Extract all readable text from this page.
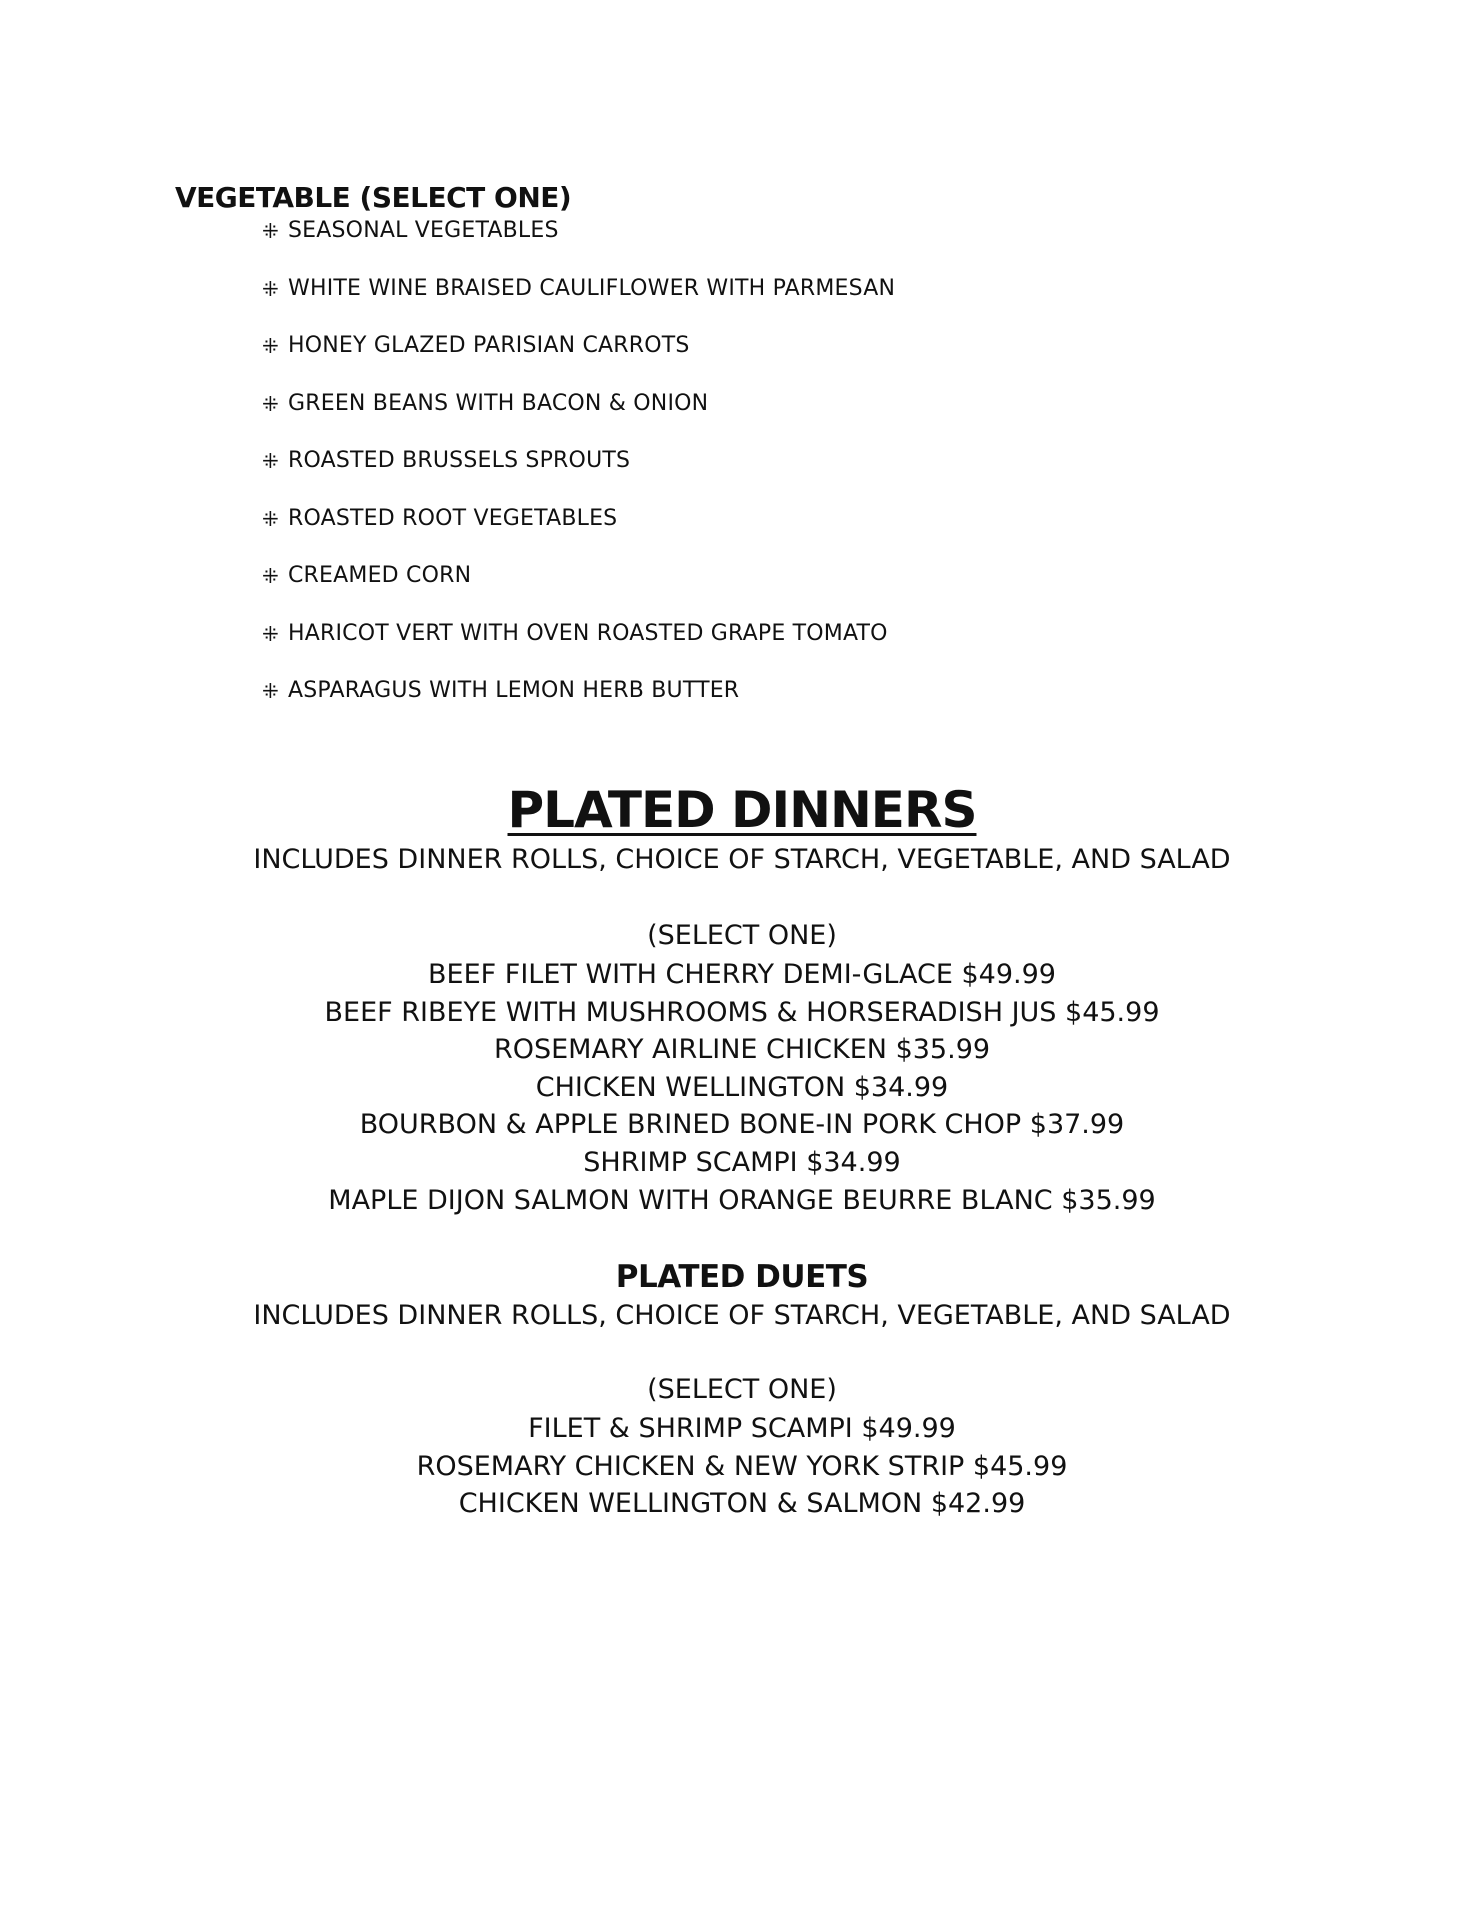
VEGETABLE (SELECT ONE)
⁜ SEASONAL VEGETABLES
⁜ WHITE WINE BRAISED CAULIFLOWER WITH PARMESAN
⁜ HONEY GLAZED PARISIAN CARROTS
⁜ GREEN BEANS WITH BACON & ONION
⁜ ROASTED BRUSSELS SPROUTS
⁜ ROASTED ROOT VEGETABLES
⁜ CREAMED CORN
⁜ HARICOT VERT WITH OVEN ROASTED GRAPE TOMATO
⁜ ASPARAGUS WITH LEMON HERB BUTTER
PLATED DINNERS
INCLUDES DINNER ROLLS, CHOICE OF STARCH, VEGETABLE, AND SALAD
(SELECT ONE)
BEEF FILET WITH CHERRY DEMI-GLACE $49.99
BEEF RIBEYE WITH MUSHROOMS & HORSERADISH JUS $45.99
ROSEMARY AIRLINE CHICKEN $35.99
CHICKEN WELLINGTON $34.99
BOURBON & APPLE BRINED BONE-IN PORK CHOP $37.99
SHRIMP SCAMPI $34.99
MAPLE DIJON SALMON WITH ORANGE BEURRE BLANC $35.99
PLATED DUETS
INCLUDES DINNER ROLLS, CHOICE OF STARCH, VEGETABLE, AND SALAD
(SELECT ONE)
FILET & SHRIMP SCAMPI $49.99
ROSEMARY CHICKEN & NEW YORK STRIP $45.99
CHICKEN WELLINGTON & SALMON $42.99
